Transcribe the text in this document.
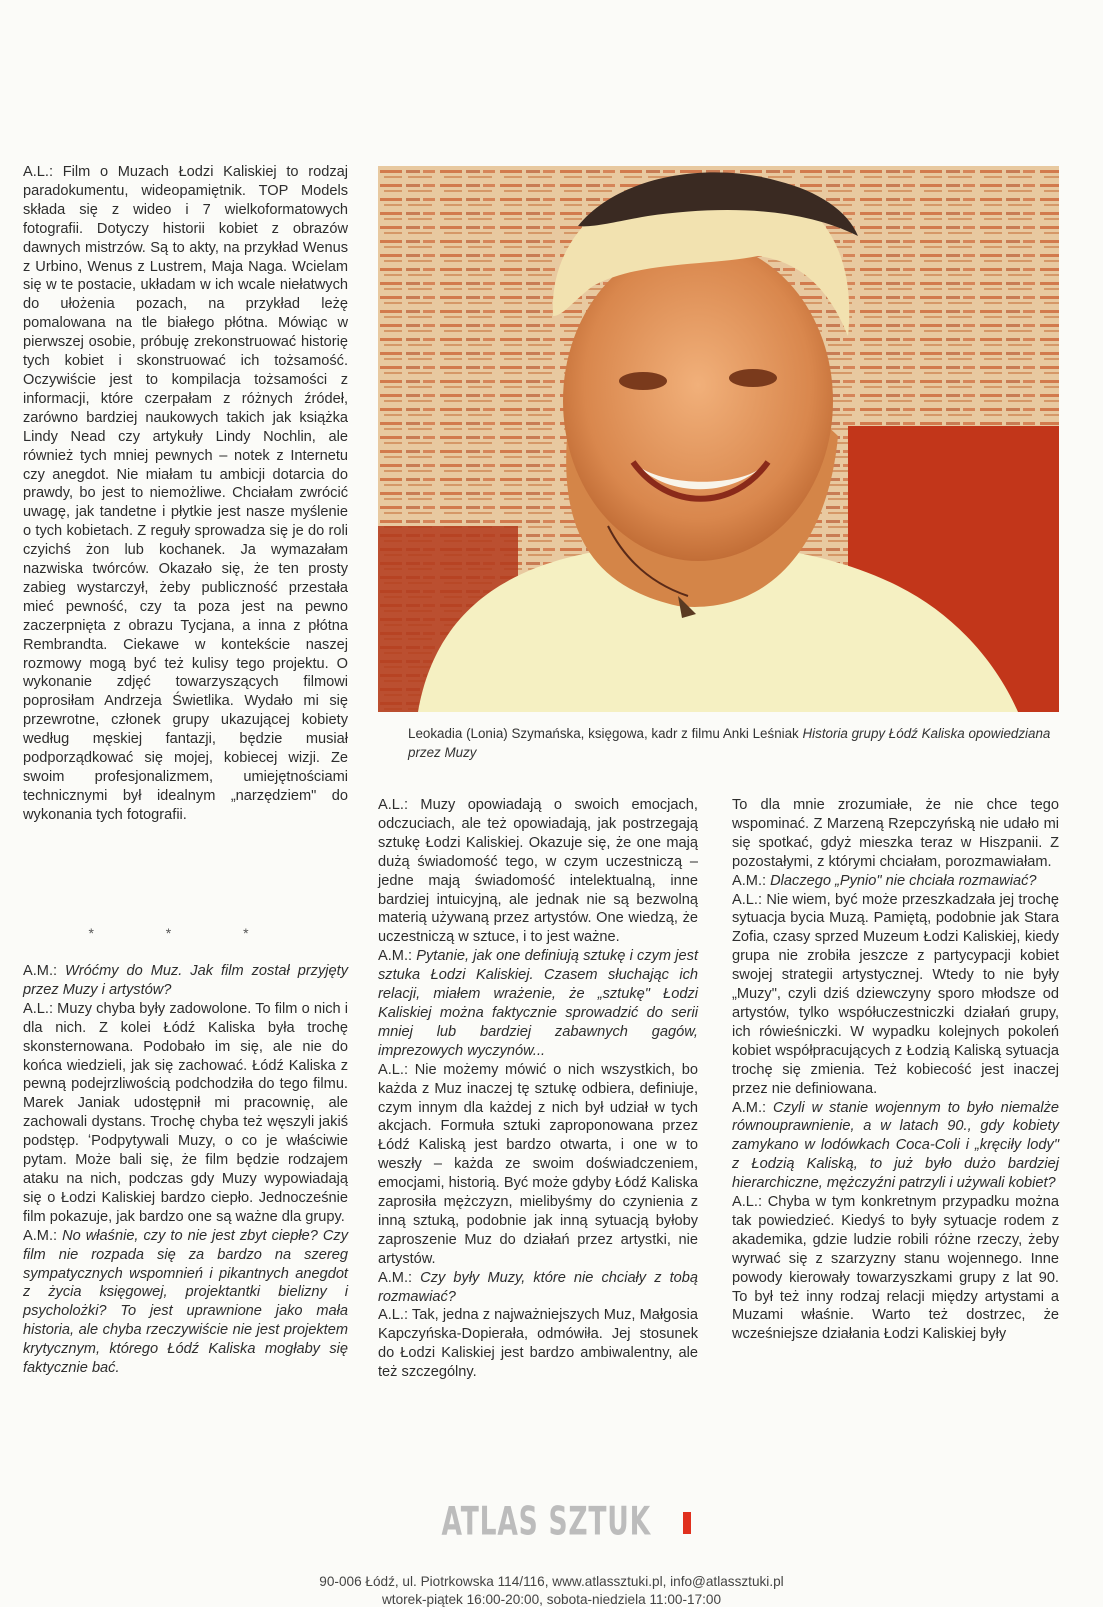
A.L.: Film o Muzach Łodzi Kaliskiej to rodzaj paradokumentu, wideopamiętnik. TOP Models składa się z wideo i 7 wielkoformatowych fotografii. Dotyczy historii kobiet z obrazów dawnych mistrzów. Są to akty, na przykład Wenus z Urbino, Wenus z Lustrem, Maja Naga. Wcielam się w te postacie, układam w ich wcale niełatwych do ułożenia pozach, na przykład leżę pomalowana na tle białego płótna. Mówiąc w pierwszej osobie, próbuję zrekonstruować historię tych kobiet i skonstruować ich tożsamość. Oczywiście jest to kompilacja tożsamości z informacji, które czerpałam z różnych źródeł, zarówno bardziej naukowych takich jak książka Lindy Nead czy artykuły Lindy Nochlin, ale również tych mniej pewnych – notek z Internetu czy anegdot. Nie miałam tu ambicji dotarcia do prawdy, bo jest to niemożliwe. Chciałam zwrócić uwagę, jak tandetne i płytkie jest nasze myślenie o tych kobietach. Z reguły sprowadza się je do roli czyichś żon lub kochanek. Ja wymazałam nazwiska twórców. Okazało się, że ten prosty zabieg wystarczył, żeby publiczność przestała mieć pewność, czy ta poza jest na pewno zaczerpnięta z obrazu Tycjana, a inna z płótna Rembrandta. Ciekawe w kontekście naszej rozmowy mogą być też kulisy tego projektu. O wykonanie zdjęć towarzyszących filmowi poprosiłam Andrzeja Świetlika. Wydało mi się przewrotne, członek grupy ukazującej kobiety według męskiej fantazji, będzie musiał podporządkować się mojej, kobiecej wizji. Ze swoim profesjonalizmem, umiejętnościami technicznymi był idealnym „narzędziem" do wykonania tych fotografii.

* * *

A.M.: Wróćmy do Muz. Jak film został przyjęty przez Muzy i artystów?

A.L.: Muzy chyba były zadowolone. To film o nich i dla nich. Z kolei Łódź Kaliska była trochę skonsternowana. Podobało im się, ale nie do końca wiedzieli, jak się zachować. Łódź Kaliska z pewną podejrzliwością podchodziła do tego filmu. Marek Janiak udostępnił mi pracownię, ale zachowali dystans. Trochę chyba też węszyli jakiś podstęp. ʻPodpytywali Muzy, o co je właściwie pytam. Może bali się, że film będzie rodzajem ataku na nich, podczas gdy Muzy wypowiadają się o Łodzi Kaliskiej bardzo ciepło. Jednocześnie film pokazuje, jak bardzo one są ważne dla grupy.

A.M.: No właśnie, czy to nie jest zbyt ciepłe? Czy film nie rozpada się za bardzo na szereg sympatycznych wspomnień i pikantnych anegdot z życia księgowej, projektantki bielizny i psycholożki? To jest uprawnione jako mała historia, ale chyba rzeczywiście nie jest projektem krytycznym, którego Łódź Kaliska mogłaby się faktycznie bać.

Leokadia (Lonia) Szymańska, księgowa, kadr z filmu Anki Leśniak Historia grupy Łódź Kaliska opowiedziana przez Muzy

A.L.: Muzy opowiadają o swoich emocjach, odczuciach, ale też opowiadają, jak postrzegają sztukę Łodzi Kaliskiej. Okazuje się, że one mają dużą świadomość tego, w czym uczestniczą – jedne mają świadomość intelektualną, inne bardziej intuicyjną, ale jednak nie są bezwolną materią używaną przez artystów. One wiedzą, że uczestniczą w sztuce, i to jest ważne.

A.M.: Pytanie, jak one definiują sztukę i czym jest sztuka Łodzi Kaliskiej. Czasem słuchając ich relacji, miałem wrażenie, że „sztukę" Łodzi Kaliskiej można faktycznie sprowadzić do serii mniej lub bardziej zabawnych gagów, imprezowych wyczynów...

A.L.: Nie możemy mówić o nich wszystkich, bo każda z Muz inaczej tę sztukę odbiera, definiuje, czym innym dla każdej z nich był udział w tych akcjach. Formuła sztuki zaproponowana przez Łódź Kaliską jest bardzo otwarta, i one w to weszły – każda ze swoim doświadczeniem, emocjami, historią. Być może gdyby Łódź Kaliska zaprosiła mężczyzn, mielibyśmy do czynienia z inną sztuką, podobnie jak inną sytuacją byłoby zaproszenie Muz do działań przez artystki, nie artystów.

A.M.: Czy były Muzy, które nie chciały z tobą rozmawiać?

A.L.: Tak, jedna z najważniejszych Muz, Małgosia Kapczyńska-Dopierała, odmówiła. Jej stosunek do Łodzi Kaliskiej jest bardzo ambiwalentny, ale też szczególny.

To dla mnie zrozumiałe, że nie chce tego wspominać. Z Marzeną Rzepczyńską nie udało mi się spotkać, gdyż mieszka teraz w Hiszpanii. Z pozostałymi, z którymi chciałam, porozmawiałam.

A.M.: Dlaczego „Pynio" nie chciała rozmawiać?

A.L.: Nie wiem, być może przeszkadzała jej trochę sytuacja bycia Muzą. Pamiętą, podobnie jak Stara Zofia, czasy sprzed Muzeum Łodzi Kaliskiej, kiedy grupa nie zrobiła jeszcze z partycypacji kobiet swojej strategii artystycznej. Wtedy to nie były „Muzy", czyli dziś dziewczyny sporo młodsze od artystów, tylko współuczestniczki działań grupy, ich rówieśniczki. W wypadku kolejnych pokoleń kobiet współpracujących z Łodzią Kaliską sytuacja trochę się zmienia. Też kobiecość jest inaczej przez nie definiowana.

A.M.: Czyli w stanie wojennym to było niemalże równouprawnienie, a w latach 90., gdy kobiety zamykano w lodówkach Coca-Coli i „kręciły lody" z Łodzią Kaliską, to już było dużo bardziej hierarchiczne, mężczyźni patrzyli i używali kobiet?

A.L.: Chyba w tym konkretnym przypadku można tak powiedzieć. Kiedyś to były sytuacje rodem z akademika, gdzie ludzie robili różne rzeczy, żeby wyrwać się z szarzyzny stanu wojennego. Inne powody kierowały towarzyszkami grupy z lat 90. To był też inny rodzaj relacji między artystami a Muzami właśnie. Warto też dostrzec, że wcześniejsze działania Łodzi Kaliskiej były

ATLAS SZTUK
90-006 Łódź, ul. Piotrkowska 114/116, www.atlassztuki.pl, info@atlassztuki.pl
wtorek-piątek 16:00-20:00, sobota-niedziela 11:00-17:00
